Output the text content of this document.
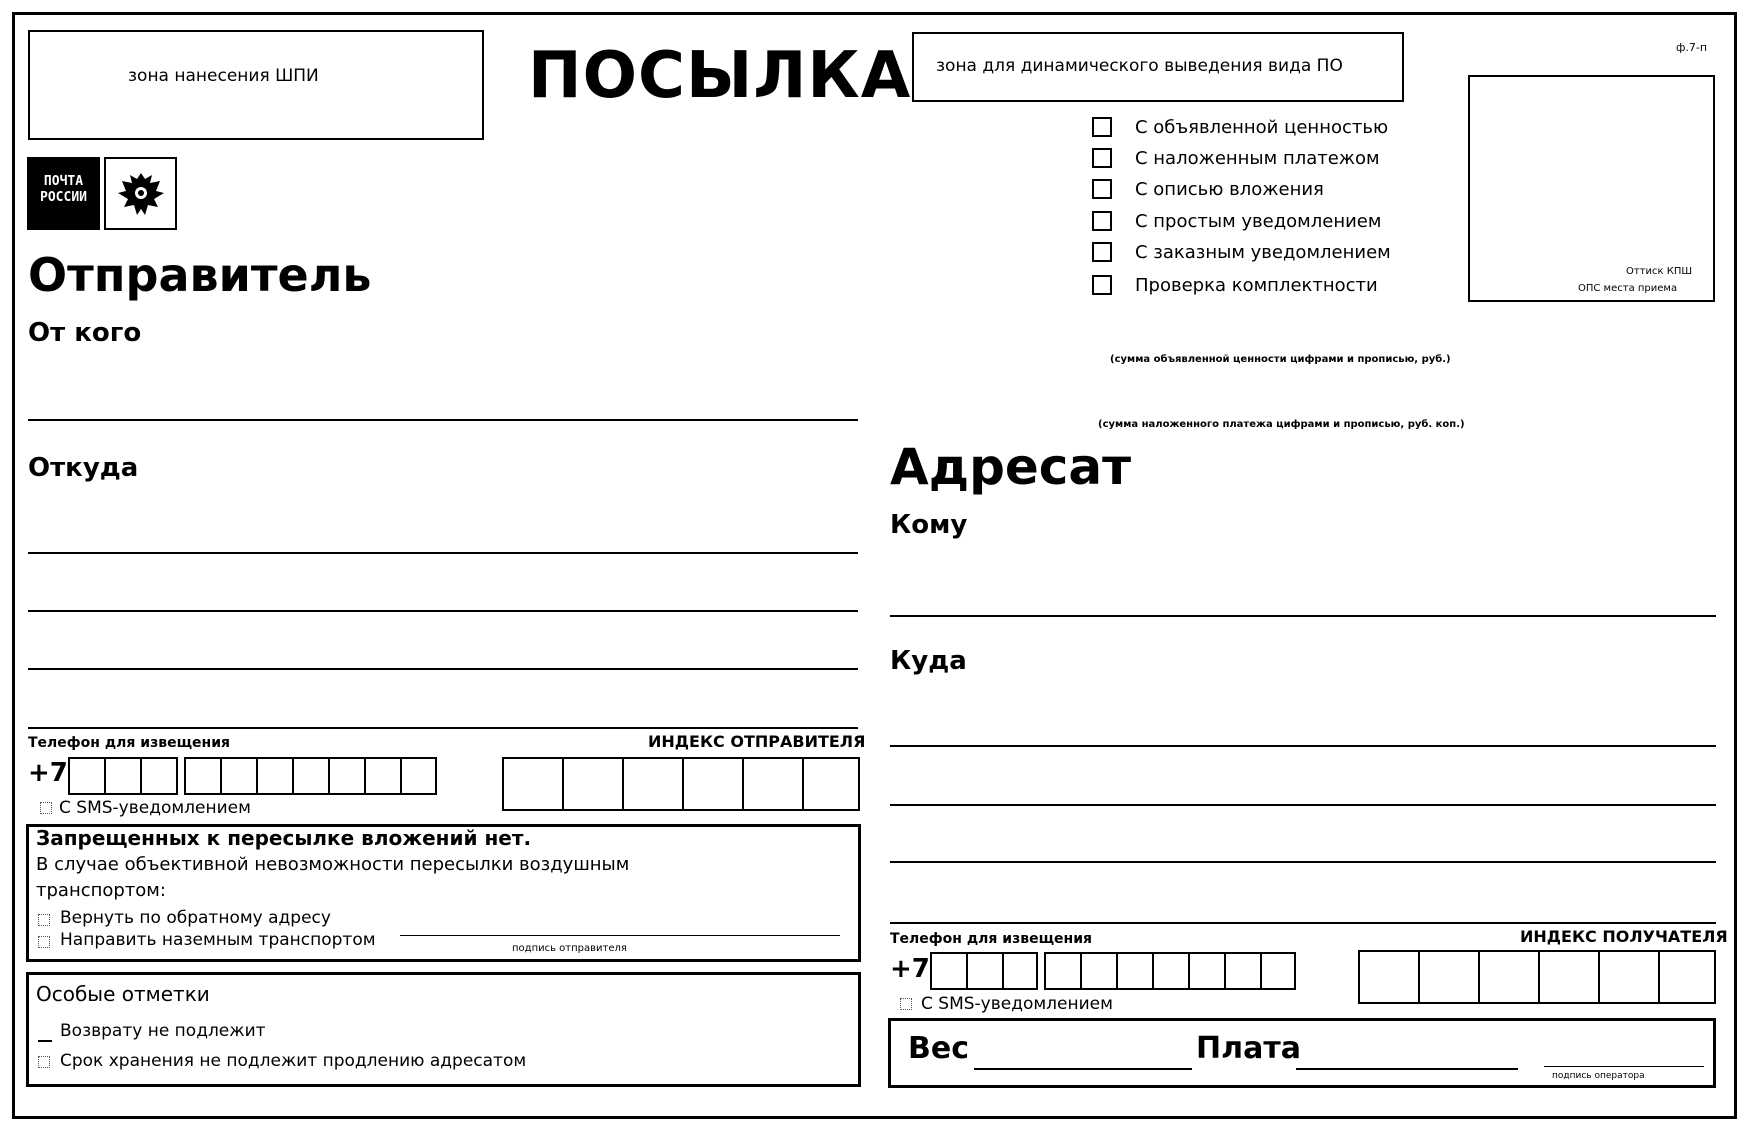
зона нанесения ШПИ	ПОСЫЛКА зона для динамического выведения вида ПО
ф.7-п
ПОЧТА
РОССИИ
С объявленной ценностью
С наложенным платежом
С описью вложения
С простым уведомлением
С заказным уведомлением
Проверка комплектности
Оттиск КПШ
ОПС места приема
(сумма объявленной ценности цифрами и прописью, руб.)
(сумма наложенного платежа цифрами и прописью, руб. коп.)
Отправитель
От кого
Откуда
Телефон для извещения	ИНДЕКС ОТПРАВИТЕЛЯ
+7
С SMS-уведомлением
Запрещенных к пересылке вложений нет.
В случае объективной невозможности пересылки воздушным
транспортом:
Вернуть по обратному адресу
Направить наземным транспортом	подпись отправителя
Особые отметки
Возврату не подлежит
Срок хранения не подлежит продлению адресатом
Адресат
Кому
Куда
Телефон для извещения	ИНДЕКС ПОЛУЧАТЕЛЯ
+7
С SMS-уведомлением
Вес	Плата
подпись оператора
